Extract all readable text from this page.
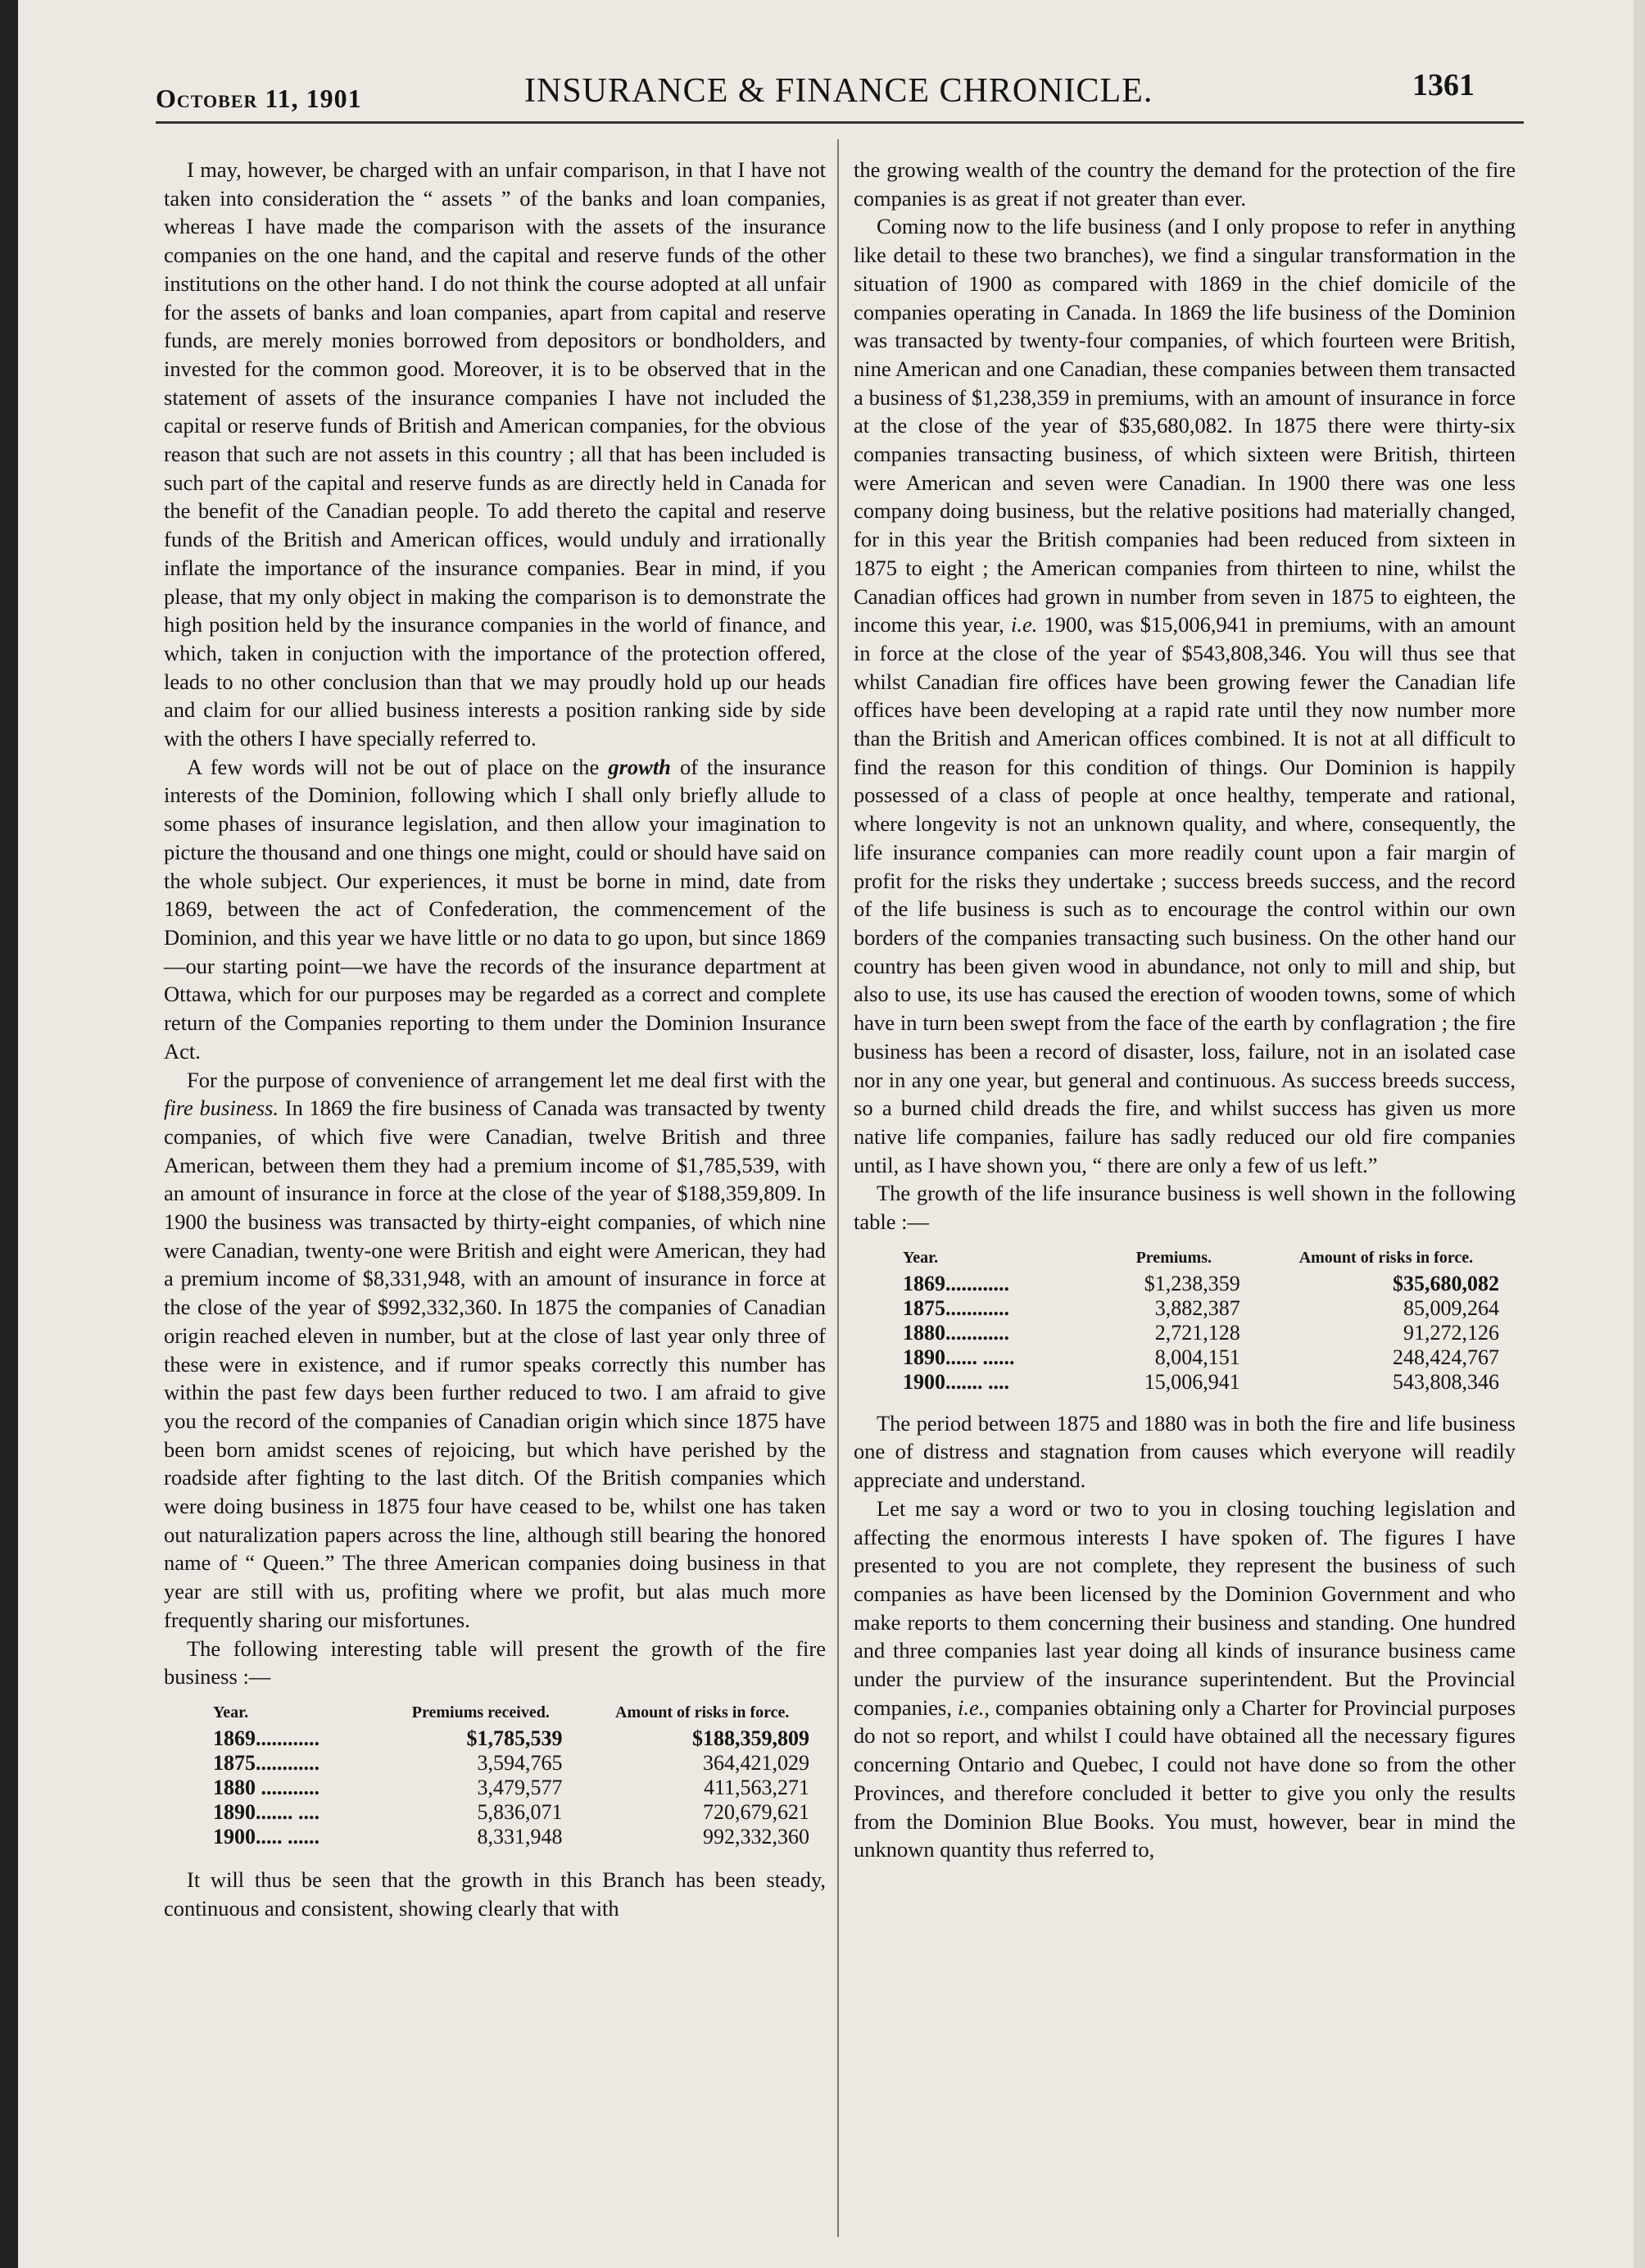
October 11, 1901	INSURANCE & FINANCE CHRONICLE.	1361

I may, however, be charged with an unfair comparison, in that I have not taken into consideration the “ assets ” of the banks and loan companies, whereas I have made the comparison with the assets of the insurance companies on the one hand, and the capital and reserve funds of the other institutions on the other hand. I do not think the course adopted at all unfair for the assets of banks and loan companies, apart from capital and reserve funds, are merely monies borrowed from depositors or bondholders, and invested for the common good. Moreover, it is to be observed that in the statement of assets of the insurance companies I have not included the capital or reserve funds of British and American companies, for the obvious reason that such are not assets in this country ; all that has been included is such part of the capital and reserve funds as are directly held in Canada for the benefit of the Canadian people. To add thereto the capital and reserve funds of the British and American offices, would unduly and irrationally inflate the importance of the insurance companies. Bear in mind, if you please, that my only object in making the comparison is to demonstrate the high position held by the insurance companies in the world of finance, and which, taken in conjuction with the importance of the protection offered, leads to no other conclusion than that we may proudly hold up our heads and claim for our allied business interests a position ranking side by side with the others I have specially referred to.

A few words will not be out of place on the growth of the insurance interests of the Dominion, following which I shall only briefly allude to some phases of insurance legislation, and then allow your imagination to picture the thousand and one things one might, could or should have said on the whole subject. Our experiences, it must be borne in mind, date from 1869, between the act of Confederation, the commencement of the Dominion, and this year we have little or no data to go upon, but since 1869—our starting point—we have the records of the insurance department at Ottawa, which for our purposes may be regarded as a correct and complete return of the Companies reporting to them under the Dominion Insurance Act.

For the purpose of convenience of arrangement let me deal first with the fire business. In 1869 the fire business of Canada was transacted by twenty companies, of which five were Canadian, twelve British and three American, between them they had a premium income of $1,785,539, with an amount of insurance in force at the close of the year of $188,359,809. In 1900 the business was transacted by thirty-eight companies, of which nine were Canadian, twenty-one were British and eight were American, they had a premium income of $8,331,948, with an amount of insurance in force at the close of the year of $992,332,360. In 1875 the companies of Canadian origin reached eleven in number, but at the close of last year only three of these were in existence, and if rumor speaks correctly this number has within the past few days been further reduced to two. I am afraid to give you the record of the companies of Canadian origin which since 1875 have been born amidst scenes of rejoicing, but which have perished by the roadside after fighting to the last ditch. Of the British companies which were doing business in 1875 four have ceased to be, whilst one has taken out naturalization papers across the line, although still bearing the honored name of “ Queen.” The three American companies doing business in that year are still with us, profiting where we profit, but alas much more frequently sharing our misfortunes.

The following interesting table will present the growth of the fire business :—

Year.	Premiums received.	Amount of risks in force.
1869............	$1,785,539	$188,359,809
1875............	3,594,765	364,421,029
1880 ...........	3,479,577	411,563,271
1890....... ....	5,836,071	720,679,621
1900..... ......	8,331,948	992,332,360

It will thus be seen that the growth in this Branch has been steady, continuous and consistent, showing clearly that with

the growing wealth of the country the demand for the protection of the fire companies is as great if not greater than ever.

Coming now to the life business (and I only propose to refer in anything like detail to these two branches), we find a singular transformation in the situation of 1900 as compared with 1869 in the chief domicile of the companies operating in Canada. In 1869 the life business of the Dominion was transacted by twenty-four companies, of which fourteen were British, nine American and one Canadian, these companies between them transacted a business of $1,238,359 in premiums, with an amount of insurance in force at the close of the year of $35,680,082. In 1875 there were thirty-six companies transacting business, of which sixteen were British, thirteen were American and seven were Canadian. In 1900 there was one less company doing business, but the relative positions had materially changed, for in this year the British companies had been reduced from sixteen in 1875 to eight ; the American companies from thirteen to nine, whilst the Canadian offices had grown in number from seven in 1875 to eighteen, the income this year, i.e. 1900, was $15,006,941 in premiums, with an amount in force at the close of the year of $543,808,346. You will thus see that whilst Canadian fire offices have been growing fewer the Canadian life offices have been developing at a rapid rate until they now number more than the British and American offices combined. It is not at all difficult to find the reason for this condition of things. Our Dominion is happily possessed of a class of people at once healthy, temperate and rational, where longevity is not an unknown quality, and where, consequently, the life insurance companies can more readily count upon a fair margin of profit for the risks they undertake ; success breeds success, and the record of the life business is such as to encourage the control within our own borders of the companies transacting such business. On the other hand our country has been given wood in abundance, not only to mill and ship, but also to use, its use has caused the erection of wooden towns, some of which have in turn been swept from the face of the earth by conflagration ; the fire business has been a record of disaster, loss, failure, not in an isolated case nor in any one year, but general and continuous. As success breeds success, so a burned child dreads the fire, and whilst success has given us more native life companies, failure has sadly reduced our old fire companies until, as I have shown you, “ there are only a few of us left.”

The growth of the life insurance business is well shown in the following table :—

Year.	Premiums.	Amount of risks in force.
1869............	$1,238,359	$35,680,082
1875............	3,882,387	85,009,264
1880............	2,721,128	91,272,126
1890...... ......	8,004,151	248,424,767
1900....... ....	15,006,941	543,808,346

The period between 1875 and 1880 was in both the fire and life business one of distress and stagnation from causes which everyone will readily appreciate and understand.

Let me say a word or two to you in closing touching legislation and affecting the enormous interests I have spoken of. The figures I have presented to you are not complete, they represent the business of such companies as have been licensed by the Dominion Government and who make reports to them concerning their business and standing. One hundred and three companies last year doing all kinds of insurance business came under the purview of the insurance superintendent. But the Provincial companies, i.e., companies obtaining only a Charter for Provincial purposes do not so report, and whilst I could have obtained all the necessary figures concerning Ontario and Quebec, I could not have done so from the other Provinces, and therefore concluded it better to give you only the results from the Dominion Blue Books. You must, however, bear in mind the unknown quantity thus referred to,
